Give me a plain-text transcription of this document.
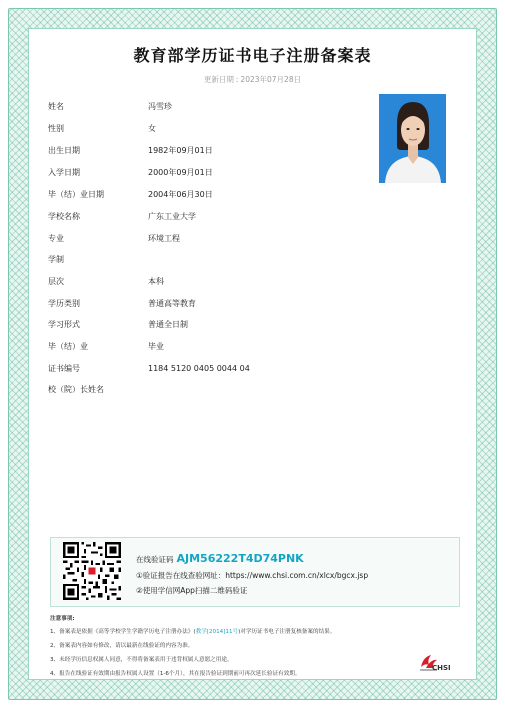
教育部学历证书电子注册备案表
更新日期 : 2023年07月28日
姓名	冯雪珍
性别	女
出生日期	1982年09月01日
入学日期	2000年09月01日
毕（结）业日期	2004年06月30日
学校名称	广东工业大学
专业	环境工程
学制
层次	本科
学历类别	普通高等教育
学习形式	普通全日制
毕（结）业	毕业
证书编号	1184 5120 0405 0044 04
校（院）长姓名
在线验证码 AJM56222T4D74PNK
①验证报告在线查验网址：https://www.chsi.com.cn/xlcx/bgcx.jsp
②使用学信网App扫描二维码验证
注意事项:
1、备案表是依据《高等学校学生学籍学历电子注册办法》(教学[2014]11号)对学历证书电子注册复核备案的结果。
2、备案表内容如有修改，请以最新在线验证的内容为准。
3、未经学历信息权属人同意，不得将备案表用于违背权属人意愿之用途。
4、报告在线验证有效期由报告权属人设置（1-6个月），其在报告验证到期前可再次延长验证有效期。
CHSI
